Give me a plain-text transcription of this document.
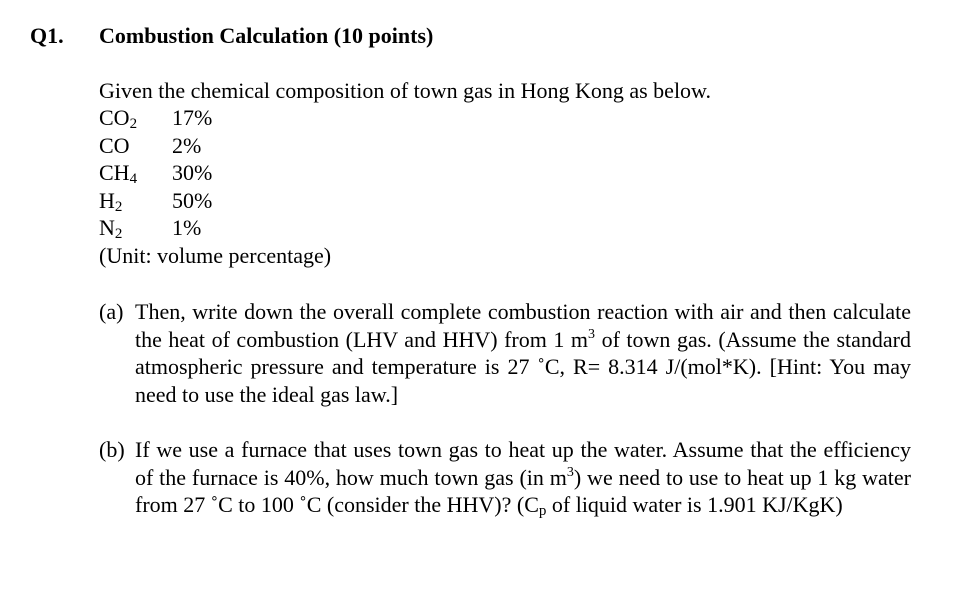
Q1. Combustion Calculation (10 points)
Given the chemical composition of town gas in Hong Kong as below.
$CO_2$ 17%
CO 2%
$CH_4$ 30%
$H_2$ 50%
$N_2$ 1%
(Unit: volume percentage)
(a) Then, write down the overall complete combustion reaction with air and then calculate the heat of combustion (LHV and HHV) from 1 $m^3$ of town gas. (Assume the standard atmospheric pressure and temperature is 27 ˚C, R= 8.314 J/(mol*K). [Hint: You may need to use the ideal gas law.]
(b) If we use a furnace that uses town gas to heat up the water. Assume that the efficiency of the furnace is 40%, how much town gas (in $m^3$) we need to use to heat up 1 kg water from 27 ˚C to 100 ˚C (consider the HHV)? (Cp of liquid water is 1.901 KJ/KgK)
